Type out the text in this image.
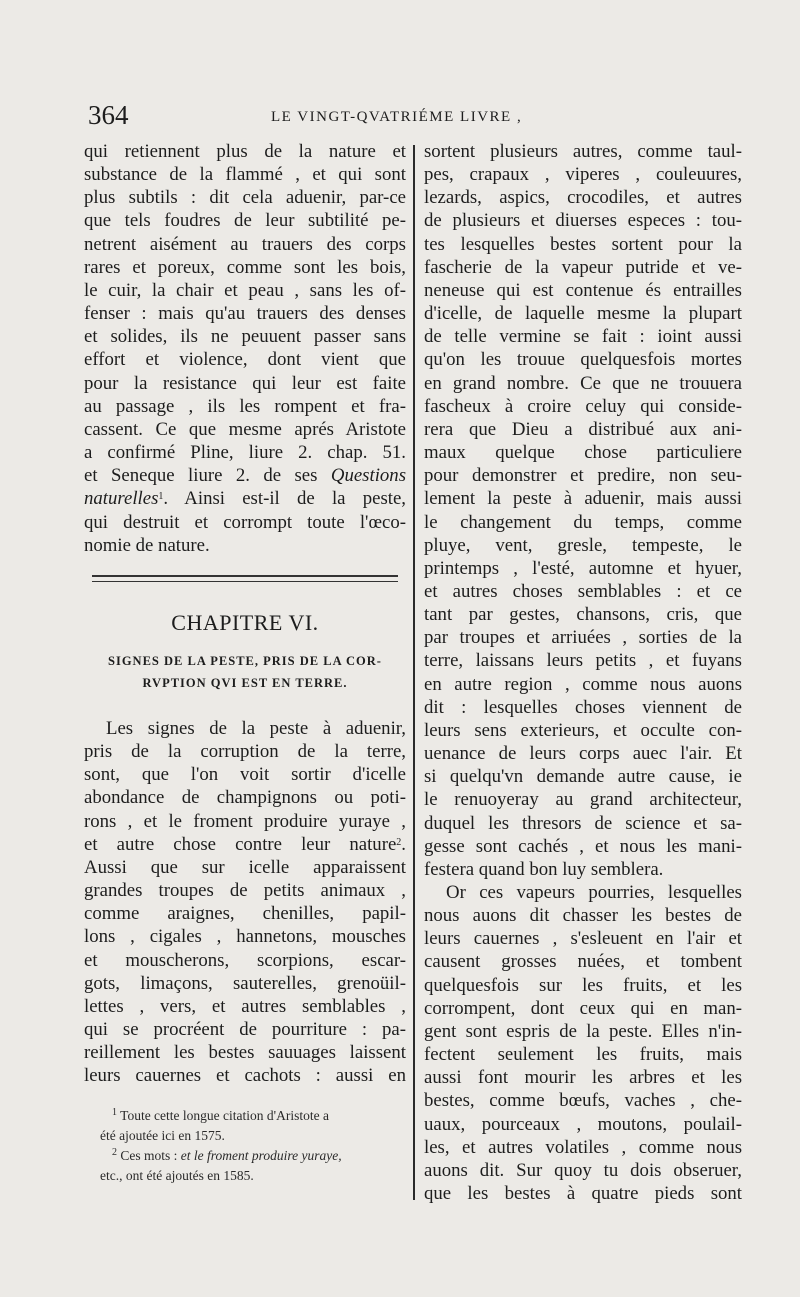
364	LE VINGT-QVATRIÉME LIVRE ,

qui retiennent plus de la nature et
substance de la flammé , et qui sont
plus subtils : dit cela aduenir, par-ce
que tels foudres de leur subtilité pe-
netrent aisément au trauers des corps
rares et poreux, comme sont les bois,
le cuir, la chair et peau , sans les of-
fenser : mais qu'au trauers des denses
et solides, ils ne peuuent passer sans
effort et violence, dont vient que
pour la resistance qui leur est faite
au passage , ils les rompent et fra-
cassent. Ce que mesme aprés Aristote
a confirmé Pline, liure 2. chap. 51.
et Seneque liure 2. de ses Questions
naturelles$^1$. Ainsi est-il de la peste,
qui destruit et corrompt toute l'œco-
nomie de nature.

CHAPITRE VI.
SIGNES DE LA PESTE, PRIS DE LA COR-
RVPTION QVI EST EN TERRE.

Les signes de la peste à aduenir,
pris de la corruption de la terre,
sont, que l'on voit sortir d'icelle
abondance de champignons ou poti-
rons , et le froment produire yuraye ,
et autre chose contre leur nature$^2$.
Aussi que sur icelle apparaissent
grandes troupes de petits animaux ,
comme araignes, chenilles, papil-
lons , cigales , hannetons, mousches
et mouscherons, scorpions, escar-
gots, limaçons, sauterelles, grenoüil-
lettes , vers, et autres semblables ,
qui se procréent de pourriture : pa-
reillement les bestes sauuages laissent
leurs cauernes et cachots : aussi en

$^1$ Toute cette longue citation d'Aristote a
été ajoutée ici en 1575.
$^2$ Ces mots : et le froment produire yuraye,
etc., ont été ajoutés en 1585.

sortent plusieurs autres, comme taul-
pes, crapaux , viperes , couleuures,
lezards, aspics, crocodiles, et autres
de plusieurs et diuerses especes : tou-
tes lesquelles bestes sortent pour la
fascherie de la vapeur putride et ve-
neneuse qui est contenue és entrailles
d'icelle, de laquelle mesme la plupart
de telle vermine se fait : ioint aussi
qu'on les trouue quelquesfois mortes
en grand nombre. Ce que ne trouuera
fascheux à croire celuy qui conside-
rera que Dieu a distribué aux ani-
maux quelque chose particuliere
pour demonstrer et predire, non seu-
lement la peste à aduenir, mais aussi
le changement du temps, comme
pluye, vent, gresle, tempeste, le
printemps , l'esté, automne et hyuer,
et autres choses semblables : et ce
tant par gestes, chansons, cris, que
par troupes et arriuées , sorties de la
terre, laissans leurs petits , et fuyans
en autre region , comme nous auons
dit : lesquelles choses viennent de
leurs sens exterieurs, et occulte con-
uenance de leurs corps auec l'air. Et
si quelqu'vn demande autre cause, ie
le renuoyeray au grand architecteur,
duquel les thresors de science et sa-
gesse sont cachés , et nous les mani-
festera quand bon luy semblera.

Or ces vapeurs pourries, lesquelles
nous auons dit chasser les bestes de
leurs cauernes , s'esleuent en l'air et
causent grosses nuées, et tombent
quelquesfois sur les fruits, et les
corrompent, dont ceux qui en man-
gent sont espris de la peste. Elles n'in-
fectent seulement les fruits, mais
aussi font mourir les arbres et les
bestes, comme bœufs, vaches , che-
uaux, pourceaux , moutons, poulail-
les, et autres volatiles , comme nous
auons dit. Sur quoy tu dois obseruer,
que les bestes à quatre pieds sont
